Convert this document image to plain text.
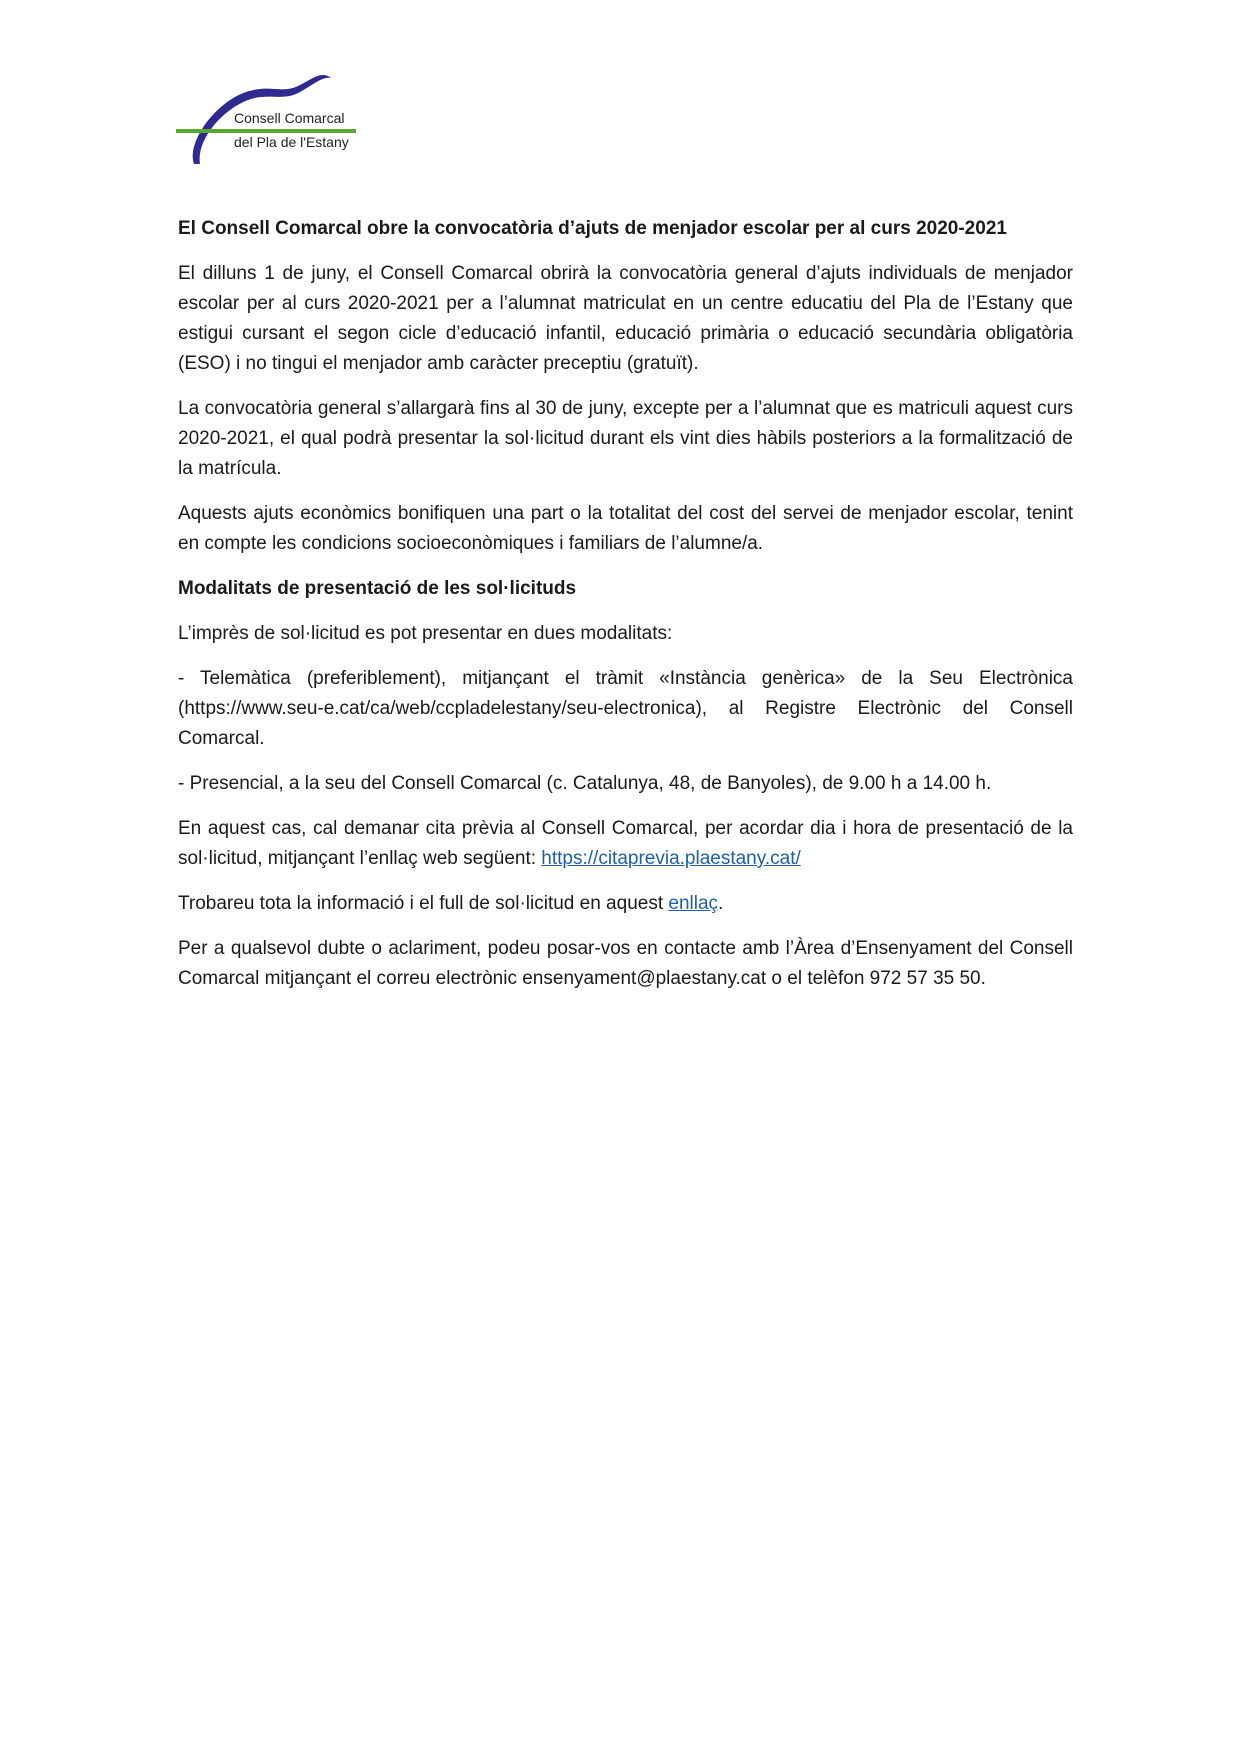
Consell Comarcal
del Pla de l'Estany

El Consell Comarcal obre la convocatòria d’ajuts de menjador escolar per al curs 2020-2021

El dilluns 1 de juny, el Consell Comarcal obrirà la convocatòria general d’ajuts individuals de menjador escolar per al curs 2020-2021 per a l’alumnat matriculat en un centre educatiu del Pla de l’Estany que estigui cursant el segon cicle d’educació infantil, educació primària o educació secundària obligatòria (ESO) i no tingui el menjador amb caràcter preceptiu (gratuït).

La convocatòria general s’allargarà fins al 30 de juny, excepte per a l’alumnat que es matriculi aquest curs 2020-2021, el qual podrà presentar la sol·licitud durant els vint dies hàbils posteriors a la formalització de la matrícula.

Aquests ajuts econòmics bonifiquen una part o la totalitat del cost del servei de menjador escolar, tenint en compte les condicions socioeconòmiques i familiars de l’alumne/a.

Modalitats de presentació de les sol·licituds

L’imprès de sol·licitud es pot presentar en dues modalitats:

- Telemàtica (preferiblement), mitjançant el tràmit «Instància genèrica» de la Seu Electrònica (https://www.seu-e.cat/ca/web/ccpladelestany/seu-electronica), al Registre Electrònic del Consell Comarcal.

- Presencial, a la seu del Consell Comarcal (c. Catalunya, 48, de Banyoles), de 9.00 h a 14.00 h.

En aquest cas, cal demanar cita prèvia al Consell Comarcal, per acordar dia i hora de presentació de la sol·licitud, mitjançant l’enllaç web següent: https://citaprevia.plaestany.cat/

Trobareu tota la informació i el full de sol·licitud en aquest enllaç.

Per a qualsevol dubte o aclariment, podeu posar-vos en contacte amb l’Àrea d’Ensenyament del Consell Comarcal mitjançant el correu electrònic ensenyament@plaestany.cat o el telèfon 972 57 35 50.
